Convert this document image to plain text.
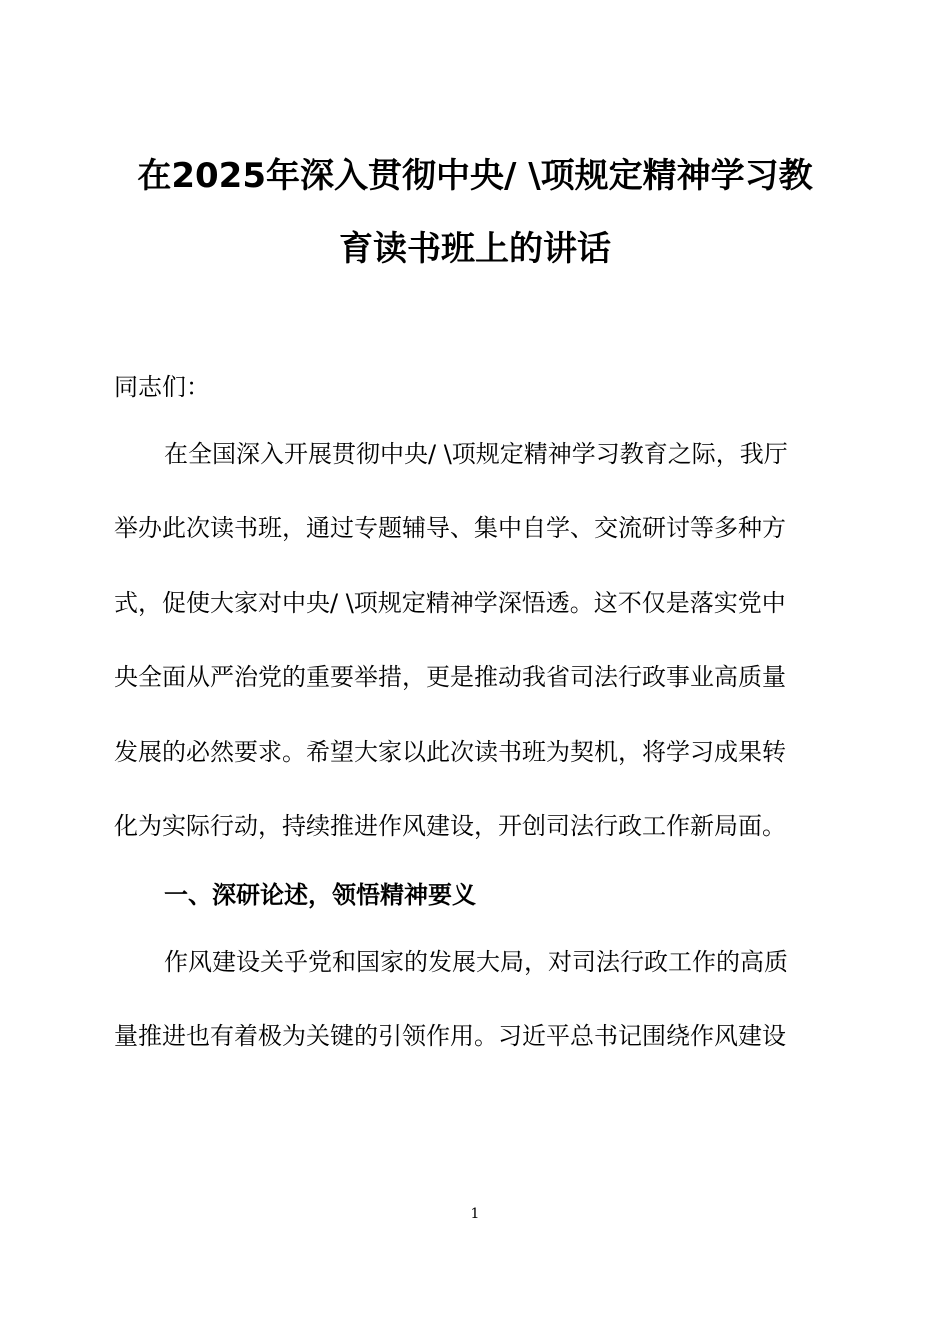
在2025年深入贯彻中央/ \项规定精神学习教
育读书班上的讲话
同志们：
在全国深入开展贯彻中央/ \项规定精神学习教育之际，我厅
举办此次读书班，通过专题辅导、集中自学、交流研讨等多种方
式，促使大家对中央/ \项规定精神学深悟透。这不仅是落实党中
央全面从严治党的重要举措，更是推动我省司法行政事业高质量
发展的必然要求。希望大家以此次读书班为契机，将学习成果转
化为实际行动，持续推进作风建设，开创司法行政工作新局面。
一、深研论述，领悟精神要义
作风建设关乎党和国家的发展大局，对司法行政工作的高质
量推进也有着极为关键的引领作用。习近平总书记围绕作风建设
1
